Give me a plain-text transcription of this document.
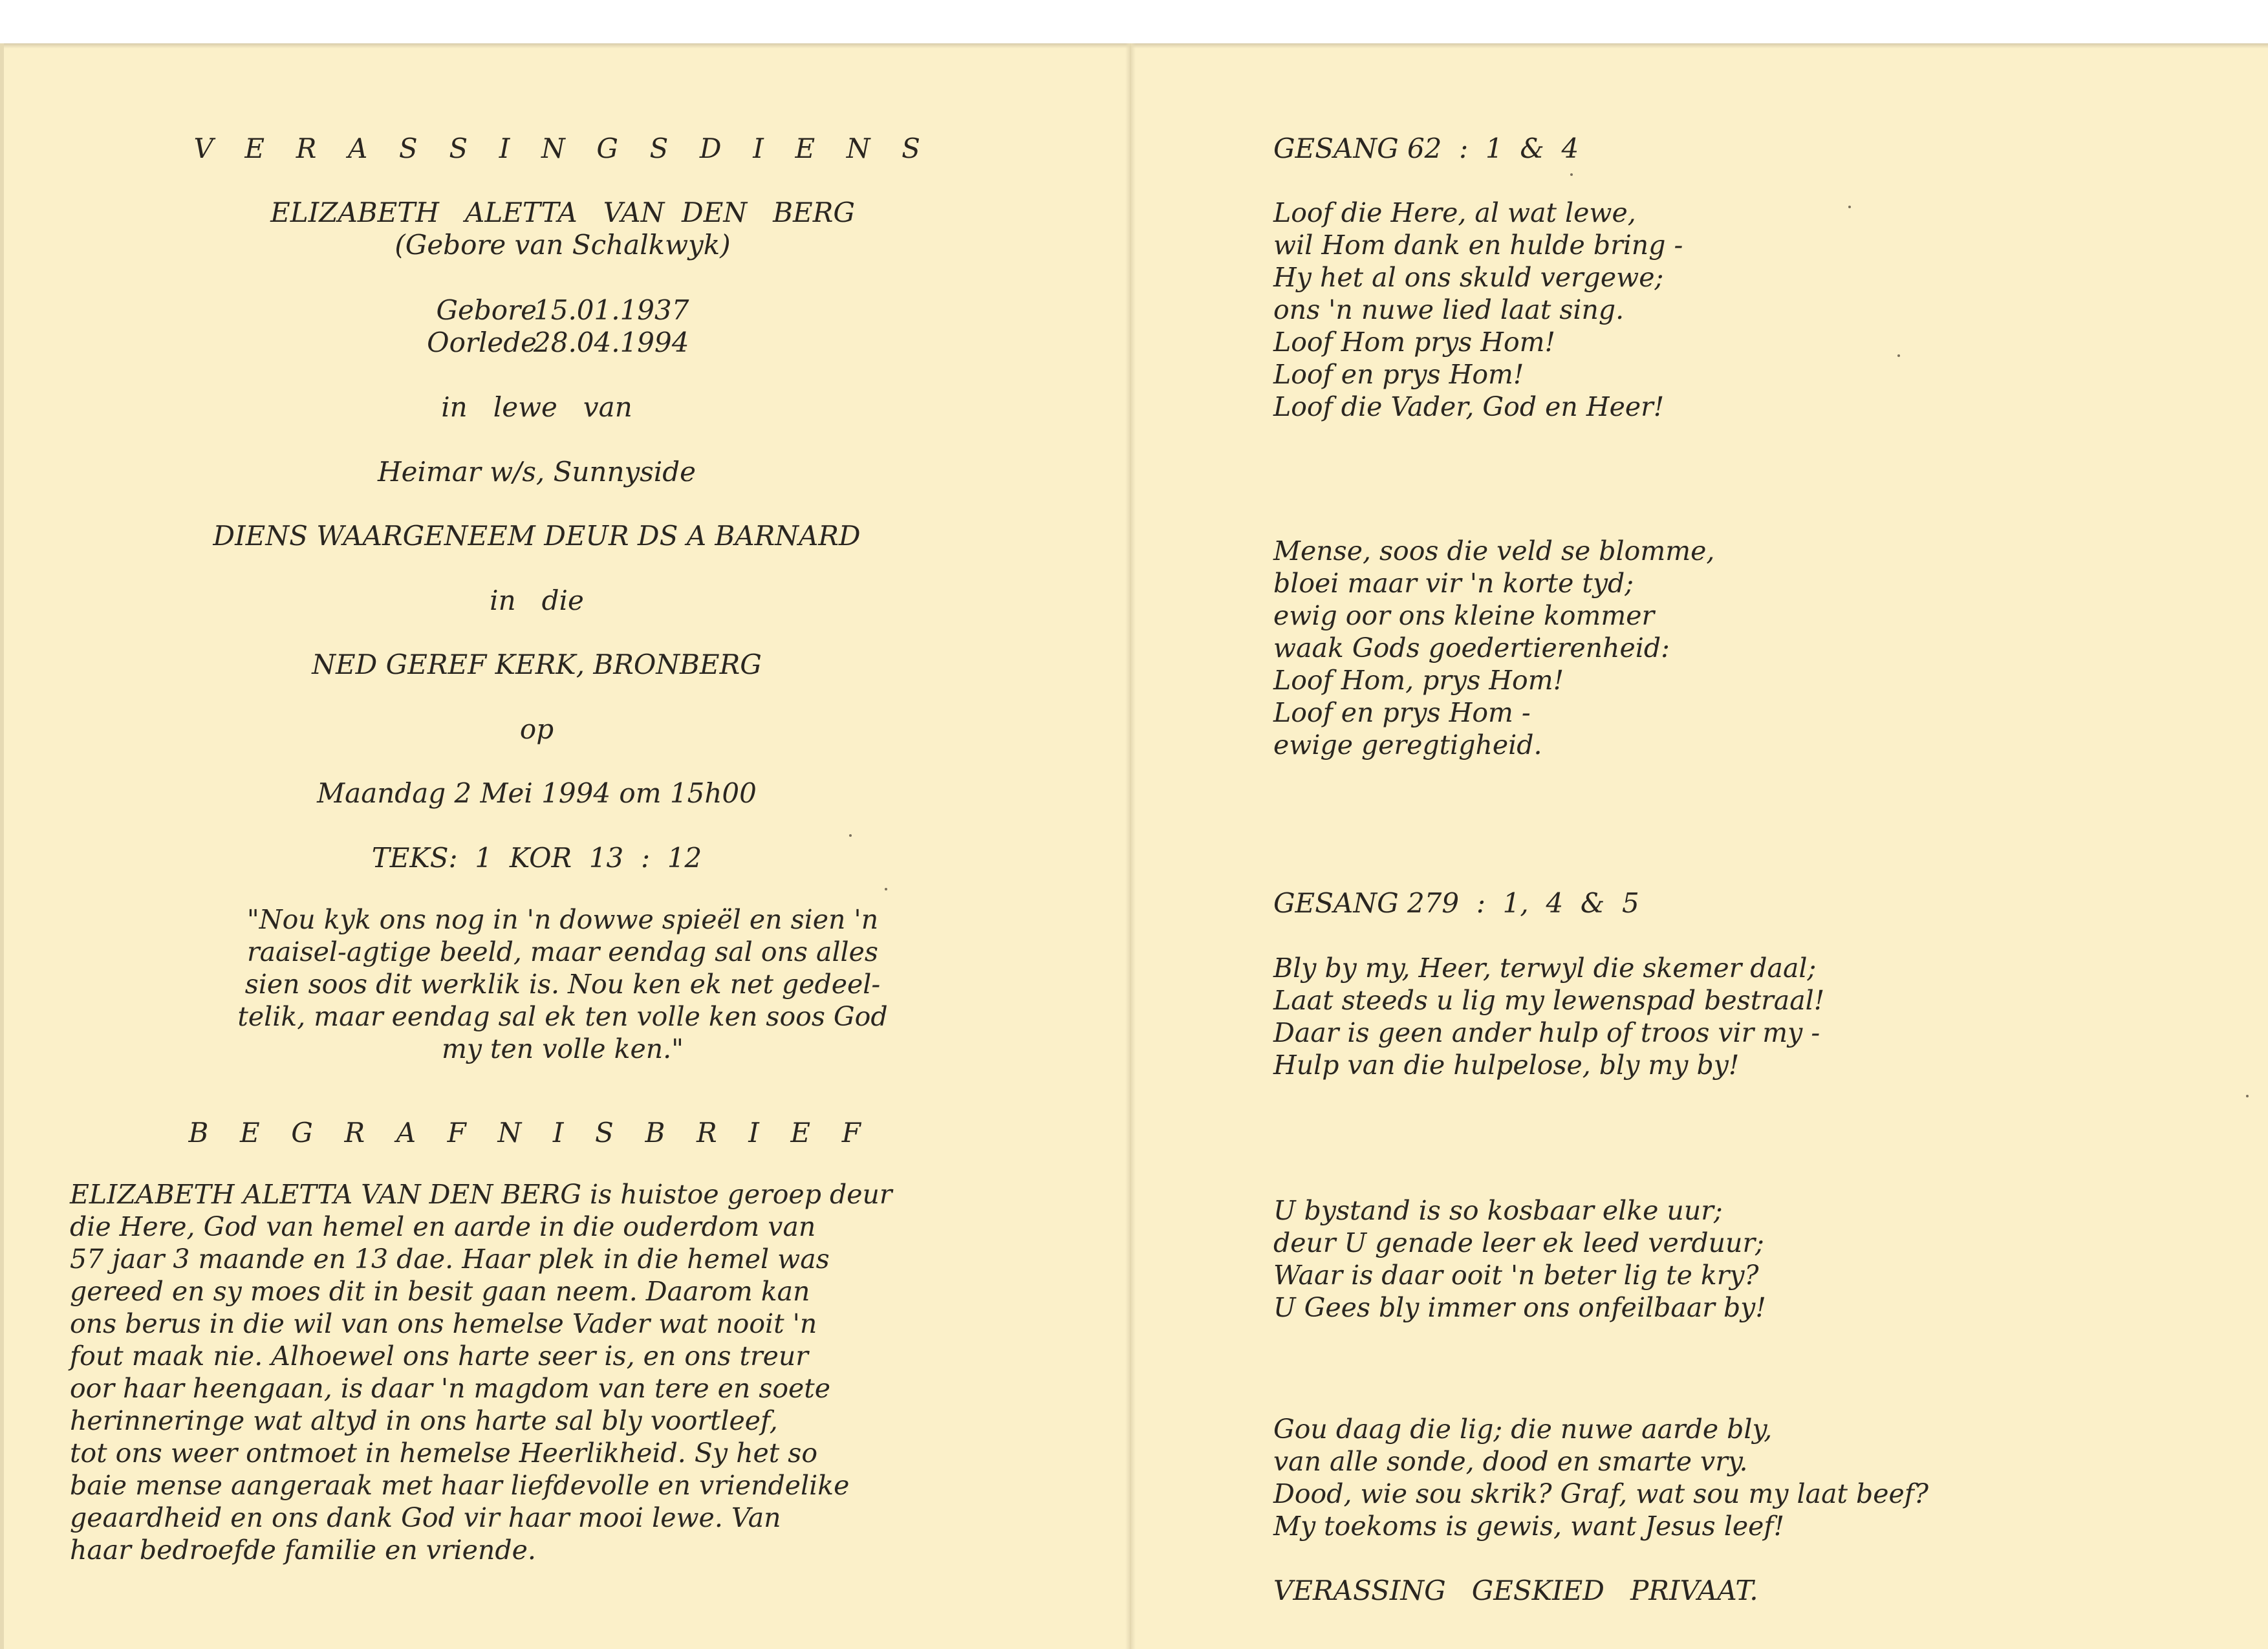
V E R A S S I N G S D I E N S
ELIZABETH   ALETTA   VAN  DEN   BERG
(Gebore van Schalkwyk)
Gebore
15.01.1937
Oorlede
28.04.1994
in   lewe   van
Heimar w/s, Sunnyside
DIENS WAARGENEEM DEUR DS A BARNARD
in   die
NED GEREF KERK, BRONBERG
op
Maandag 2 Mei 1994 om 15h00
TEKS:  1  KOR  13  :  12
"Nou kyk ons nog in 'n dowwe spieël en sien 'n
raaisel-agtige beeld, maar eendag sal ons alles
sien soos dit werklik is. Nou ken ek net gedeel-
telik, maar eendag sal ek ten volle ken soos God
my ten volle ken."
B E G R A F N I S B R I E F
ELIZABETH ALETTA VAN DEN BERG is huistoe geroep deur
die Here, God van hemel en aarde in die ouderdom van
57 jaar 3 maande en 13 dae. Haar plek in die hemel was
gereed en sy moes dit in besit gaan neem. Daarom kan
ons berus in die wil van ons hemelse Vader wat nooit 'n
fout maak nie. Alhoewel ons harte seer is, en ons treur
oor haar heengaan, is daar 'n magdom van tere en soete
herinneringe wat altyd in ons harte sal bly voortleef,
tot ons weer ontmoet in hemelse Heerlikheid. Sy het so
baie mense aangeraak met haar liefdevolle en vriendelike
geaardheid en ons dank God vir haar mooi lewe. Van
haar bedroefde familie en vriende.
GESANG 62  :  1  &  4
Loof die Here, al wat lewe,
wil Hom dank en hulde bring -
Hy het al ons skuld vergewe;
ons 'n nuwe lied laat sing.
Loof Hom prys Hom!
Loof en prys Hom!
Loof die Vader, God en Heer!
Mense, soos die veld se blomme,
bloei maar vir 'n korte tyd;
ewig oor ons kleine kommer
waak Gods goedertierenheid:
Loof Hom, prys Hom!
Loof en prys Hom -
ewige geregtigheid.
GESANG 279  :  1,  4  &  5
Bly by my, Heer, terwyl die skemer daal;
Laat steeds u lig my lewenspad bestraal!
Daar is geen ander hulp of troos vir my -
Hulp van die hulpelose, bly my by!
U bystand is so kosbaar elke uur;
deur U genade leer ek leed verduur;
Waar is daar ooit 'n beter lig te kry?
U Gees bly immer ons onfeilbaar by!
Gou daag die lig; die nuwe aarde bly,
van alle sonde, dood en smarte vry.
Dood, wie sou skrik? Graf, wat sou my laat beef?
My toekoms is gewis, want Jesus leef!
VERASSING   GESKIED   PRIVAAT.
